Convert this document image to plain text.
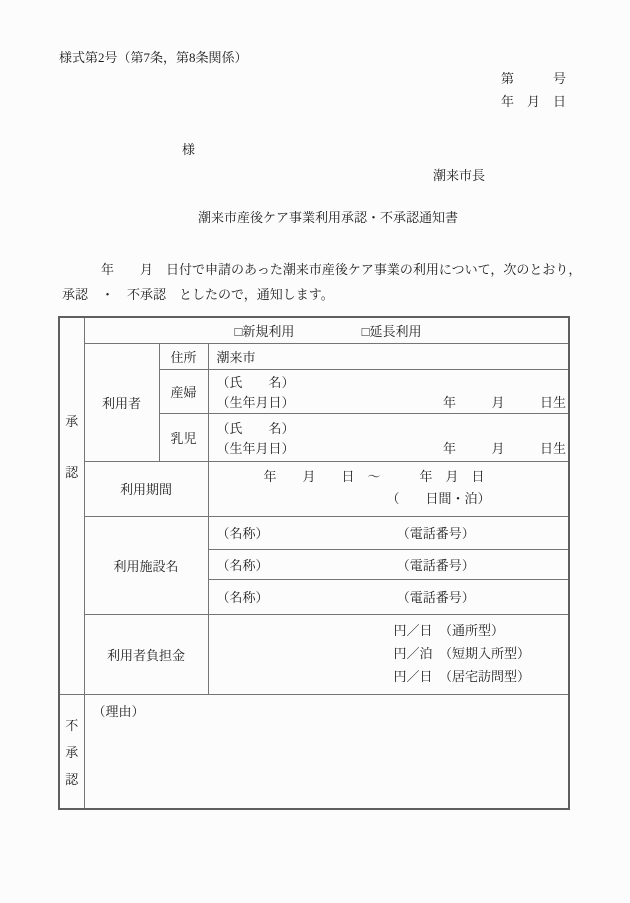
様式第2号（第7条，第8条関係）
第　　　号
年　月　日
様
潮来市長
潮来市産後ケア事業利用承認・不承認通知書
　　　年　　月　日付で申請のあった潮来市産後ケア事業の利用について，次のとおり，
承認　・　不承認　としたので，通知します。
承
認	□新規利用 □延長利用		
	利用者	住所	潮来市
		産婦	（氏　　名）
（生年月日） 年 月 日生

		乳児	（氏　　名）
（生年月日） 年 月 日生

	利用期間		年　　月　　日　～　　　年　月　日
（　　日間・泊）

	利用施設名		（名称） （電話番号）
			（名称） （電話番号）
			（名称） （電話番号）
	利用者負担金		円／日　（通所型）
円／泊　（短期入所型）
円／日　（居宅訪問型）

不
承
認	（理由）		
